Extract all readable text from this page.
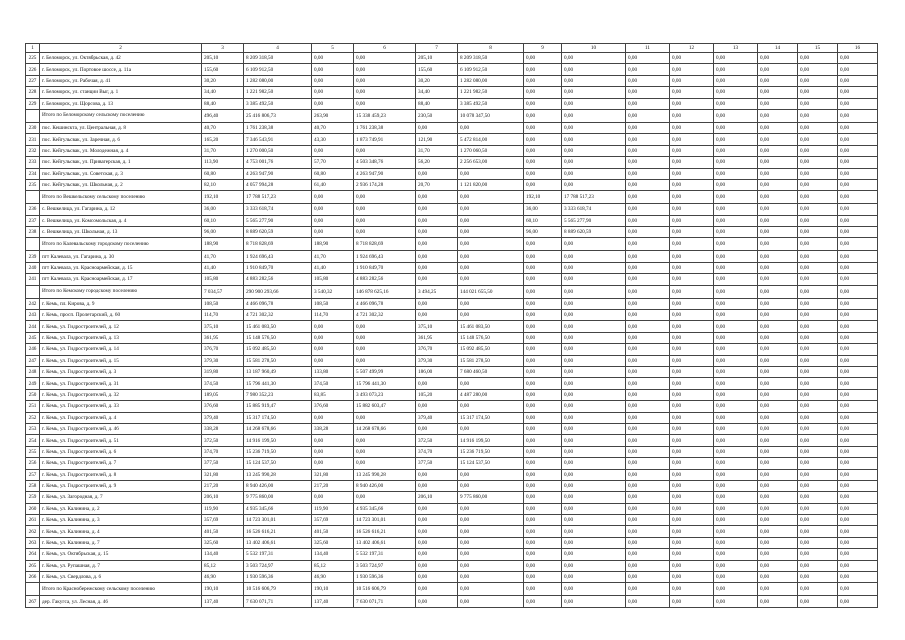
1	2	3	4	5	6	7	8	9	10	11	12	13	14	15	16
225	г. Беломорск, ул. Октябрьская, д. 42	205,10	8 209 318,50	0,00	0,00	205,10	8 209 318,50	0,00	0,00	0,00	0,00	0,00	0,00	0,00	0,00
226	г. Беломорск, ул. Портовое шоссе, д. 11а	155,60	6 109 912,50	0,00	0,00	155,60	6 109 912,50	0,00	0,00	0,00	0,00	0,00	0,00	0,00	0,00
227	г. Беломорск, ул. Рабочая, д. 41	30,20	1 282 080,00	0,00	0,00	30,20	1 282 080,00	0,00	0,00	0,00	0,00	0,00	0,00	0,00	0,00
228	г. Беломорск, ул. станции Выг, д. 1	34,40	1 221 982,50	0,00	0,00	34,40	1 221 982,50	0,00	0,00	0,00	0,00	0,00	0,00	0,00	0,00
229	г. Беломорск, ул. Щорсова, д. 13	88,40	3 385 492,50	0,00	0,00	88,40	3 385 492,50	0,00	0,00	0,00	0,00	0,00	0,00	0,00	0,00
	Итого по Беломорскому сельскому поселению	496,40	25 416 806,73	263,90	15 338 459,23	230,50	10 078 347,50	0,00	0,00	0,00	0,00	0,00	0,00	0,00	0,00
230	пос. Кешинскта, ул. Центральная, д. 8	40,70	1 761 238,38	40,70	1 761 238,38	0,00	0,00	0,00	0,00	0,00	0,00	0,00	0,00	0,00	0,00
231	пос. Кейгульсвак, ул. Заречная, д. 6	165,20	7 346 543,91	43,30	1 873 749,91	121,90	5 472 814,00	0,00	0,00	0,00	0,00	0,00	0,00	0,00	0,00
232	пос. Кейгульсвак, ул. Молодежная, д. 4	31,70	1 270 000,50	0,00	0,00	31,70	1 270 060,50	0,00	0,00	0,00	0,00	0,00	0,00	0,00	0,00
233	пос. Кейгульсвак, ул. Привагерская, д. 1	113,90	4 753 001,76	57,70	4 503 348,76	56,20	2 256 653,00	0,00	0,00	0,00	0,00	0,00	0,00	0,00	0,00
234	пос. Кейгульсвак, ул. Советская, д. 3	60,80	4 263 947,90	60,80	4 263 947,90	0,00	0,00	0,00	0,00	0,00	0,00	0,00	0,00	0,00	0,00
235	пос. Кейгульсвак, ул. Школьная, д. 2	82,10	4 057 994,28	61,40	2 936 174,28	20,70	1 121 820,00	0,00	0,00	0,00	0,00	0,00	0,00	0,00	0,00
	Итого по Вешкельскому сельскому поселению	192,10	17 788 517,23	0,00	0,00	0,00	0,00	192,10	17 788 517,23	0,00	0,00	0,00	0,00	0,00	0,00
236	с. Вешкелица, ул. Гагарина, д. 12	36,00	3 333 618,74	0,00	0,00	0,00	0,00	36,00	3 333 618,74	0,00	0,00	0,00	0,00	0,00	0,00
237	с. Вешкелица, ул. Комсомольская, д. 4	60,10	5 565 277,90	0,00	0,00	0,00	0,00	60,10	5 565 277,90	0,00	0,00	0,00	0,00	0,00	0,00
238	с. Вешкелица, ул. Школьная, д. 13	96,00	8 889 620,59	0,00	0,00	0,00	0,00	96,00	8 889 620,59	0,00	0,00	0,00	0,00	0,00	0,00
	Итого по Калевальскому городскому поселению	188,90	8 718 828,69	188,90	8 718 828,69	0,00	0,00	0,00	0,00	0,00	0,00	0,00	0,00	0,00	0,00
239	пгт Калевала, ул. Гагарина, д. 30	41,70	1 924 696,43	41,70	1 924 696,43	0,00	0,00	0,00	0,00	0,00	0,00	0,00	0,00	0,00	0,00
240	пгт Калевала, ул. Красноармейская, д. 15	41,40	1 910 849,70	41,40	1 910 849,70	0,00	0,00	0,00	0,00	0,00	0,00	0,00	0,00	0,00	0,00
241	пгт Калевала, ул. Красноармейская, д. 17	105,80	4 883 282,56	105,80	4 883 282,56	0,00	0,00	0,00	0,00	0,00	0,00	0,00	0,00	0,00	0,00
	Итого по Кемскому городскому поселению	7 034,57	290 900 293,66	3 540,32	146 878 625,16	3 494,25	144 021 655,50	0,00	0,00	0,00	0,00	0,00	0,00	0,00	0,00
242	г. Кемь, пл. Кирова, д. 9	108,50	4 466 096,78	108,50	4 466 096,78	0,00	0,00	0,00	0,00	0,00	0,00	0,00	0,00	0,00	0,00
243	г. Кемь, просп. Пролетарский, д. 60	114,70	4 721 302,32	114,70	4 721 302,32	0,00	0,00	0,00	0,00	0,00	0,00	0,00	0,00	0,00	0,00
244	г. Кемь, ул. Гидростроителей, д. 12	375,10	15 461 083,50	0,00	0,00	375,10	15 461 083,50	0,00	0,00	0,00	0,00	0,00	0,00	0,00	0,00
245	г. Кемь, ул. Гидростроителей, д. 13	361,95	15 148 576,50	0,00	0,00	361,95	15 148 576,50	0,00	0,00	0,00	0,00	0,00	0,00	0,00	0,00
246	г. Кемь, ул. Гидростроителей, д. 14	376,70	15 092 485,50	0,00	0,00	376,70	15 092 485,50	0,00	0,00	0,00	0,00	0,00	0,00	0,00	0,00
247	г. Кемь, ул. Гидростроителей, д. 15	379,30	15 581 278,50	0,00	0,00	379,30	15 581 278,50	0,00	0,00	0,00	0,00	0,00	0,00	0,00	0,00
248	г. Кемь, ул. Гидростроителей, д. 3	319,80	13 187 960,49	133,80	5 507 499,99	186,00	7 680 460,50	0,00	0,00	0,00	0,00	0,00	0,00	0,00	0,00
249	г. Кемь, ул. Гидростроителей, д. 31	374,50	15 796 441,30	374,50	15 796 441,30	0,00	0,00	0,00	0,00	0,00	0,00	0,00	0,00	0,00	0,00
250	г. Кемь, ул. Гидростроителей, д. 32	189,05	7 980 352,23	83,85	3 493 073,23	105,20	4 487 280,00	0,00	0,00	0,00	0,00	0,00	0,00	0,00	0,00
251	г. Кемь, ул. Гидростроителей, д. 33	376,60	15 885 919,47	376,60	15 882 603,47	0,00	0,00	0,00	0,00	0,00	0,00	0,00	0,00	0,00	0,00
252	г. Кемь, ул. Гидростроителей, д. 4	379,40	15 317 174,50	0,00	0,00	379,40	15 317 174,50	0,00	0,00	0,00	0,00	0,00	0,00	0,00	0,00
253	г. Кемь, ул. Гидростроителей, д. 46	338,28	14 268 678,66	338,28	14 268 678,66	0,00	0,00	0,00	0,00	0,00	0,00	0,00	0,00	0,00	0,00
254	г. Кемь, ул. Гидростроителей, д. 51	372,50	14 916 199,50	0,00	0,00	372,50	14 916 199,50	0,00	0,00	0,00	0,00	0,00	0,00	0,00	0,00
255	г. Кемь, ул. Гидростроителей, д. 6	374,70	15 236 719,50	0,00	0,00	374,70	15 236 719,50	0,00	0,00	0,00	0,00	0,00	0,00	0,00	0,00
256	г. Кемь, ул. Гидростроителей, д. 7	377,50	15 124 537,50	0,00	0,00	377,50	15 124 537,50	0,00	0,00	0,00	0,00	0,00	0,00	0,00	0,00
257	г. Кемь, ул. Гидростроителей, д. 8	321,80	13 245 990,28	321,80	13 245 990,28	0,00	0,00	0,00	0,00	0,00	0,00	0,00	0,00	0,00	0,00
258	г. Кемь, ул. Гидростроителей, д. 9	217,20	8 940 426,00	217,20	8 940 426,00	0,00	0,00	0,00	0,00	0,00	0,00	0,00	0,00	0,00	0,00
259	г. Кемь, ул. Загородная, д. 7	206,10	9 775 860,00	0,00	0,00	206,10	9 775 860,00	0,00	0,00	0,00	0,00	0,00	0,00	0,00	0,00
260	г. Кемь, ул. Калинина, д. 2	119,90	4 935 345,66	119,90	4 935 345,66	0,00	0,00	0,00	0,00	0,00	0,00	0,00	0,00	0,00	0,00
261	г. Кемь, ул. Калинина, д. 3	357,69	14 723 301,01	357,69	14 723 301,01	0,00	0,00	0,00	0,00	0,00	0,00	0,00	0,00	0,00	0,00
262	г. Кемь, ул. Калинина, д. 4	401,50	16 526 616,21	401,50	16 526 616,21	0,00	0,00	0,00	0,00	0,00	0,00	0,00	0,00	0,00	0,00
263	г. Кемь, ул. Калинина, д. 7	325,60	13 402 406,61	325,60	13 402 406,61	0,00	0,00	0,00	0,00	0,00	0,00	0,00	0,00	0,00	0,00
264	г. Кемь, ул. Октябрьская, д. 15	134,40	5 532 197,31	134,40	5 532 197,31	0,00	0,00	0,00	0,00	0,00	0,00	0,00	0,00	0,00	0,00
265	г. Кемь, ул. Рупашная, д. 7	85,12	3 503 724,97	85,12	3 503 724,97	0,00	0,00	0,00	0,00	0,00	0,00	0,00	0,00	0,00	0,00
266	г. Кемь, ул. Свердлова, д. 6	46,90	1 930 596,36	46,90	1 930 596,36	0,00	0,00	0,00	0,00	0,00	0,00	0,00	0,00	0,00	0,00
	Итого по Краснобережскому сельскому поселению	190,10	10 516 606,79	190,10	10 516 606,79	0,00	0,00	0,00	0,00	0,00	0,00	0,00	0,00	0,00	0,00
267	дер. Гакугса, ул. Лесная, д. 46	137,40	7 630 071,71	137,40	7 630 071,71	0,00	0,00	0,00	0,00	0,00	0,00	0,00	0,00	0,00	0,00
